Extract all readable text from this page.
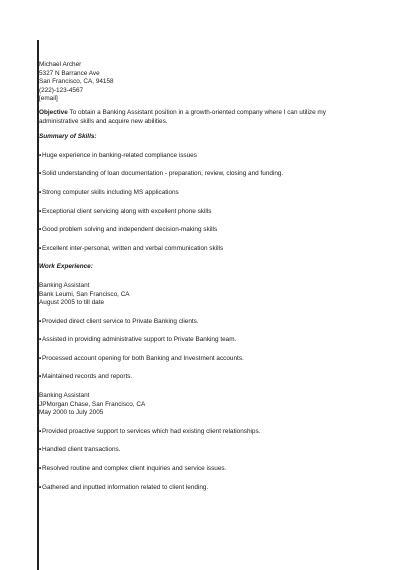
Michael Archer
5327 N Barrance Ave
San Francisco, CA, 94158
(222)-123-4567
[email]
Objective To obtain a Banking Assistant position in a growth-oriented company where I can utilize my
administrative skills and acquire new abilities.
Summary of Skills:
•Huge experience in banking-related compliance issues
•Solid understanding of loan documentation - preparation, review, closing and funding.
•Strong computer skills including MS applications
•Exceptional client servicing along with excellent phone skills
•Good problem solving and independent decision-making skills
•Excellent inter-personal, written and verbal communication skills
Work Experience:
Banking Assistant
Bank Leumi, San Francisco, CA
August 2005 to till date
•Provided direct client service to Private Banking clients.
•Assisted in providing administrative support to Private Banking team.
•Processed account opening for both Banking and Investment accounts.
•Maintained records and reports.
Banking Assistant
JPMorgan Chase, San Francisco, CA
May 2000 to July 2005
•Provided proactive support to services which had existing client relationships.
•Handled client transactions.
•Resolved routine and complex client inquiries and service issues.
•Gathered and inputted information related to client lending.
